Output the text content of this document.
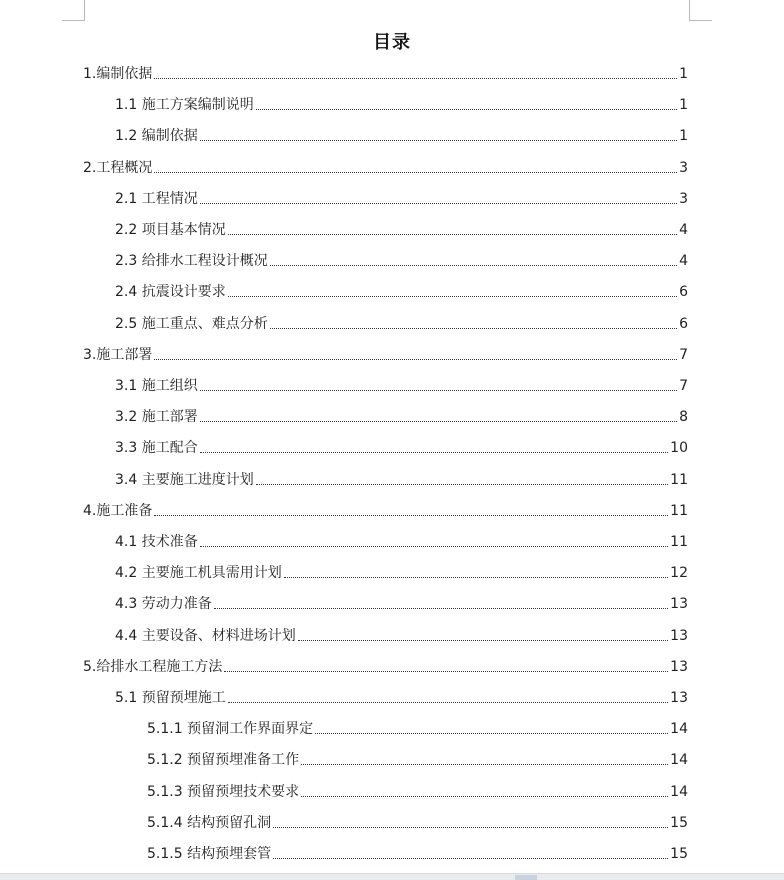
目录
1.编制依据	1
1.1 施工方案编制说明	1
1.2 编制依据	1
2.工程概况	3
2.1 工程情况	3
2.2 项目基本情况	4
2.3 给排水工程设计概况	4
2.4 抗震设计要求	6
2.5 施工重点、难点分析	6
3.施工部署	7
3.1 施工组织	7
3.2 施工部署	8
3.3 施工配合	10
3.4 主要施工进度计划	11
4.施工准备	11
4.1 技术准备	11
4.2 主要施工机具需用计划	12
4.3 劳动力准备	13
4.4 主要设备、材料进场计划	13
5.给排水工程施工方法	13
5.1 预留预埋施工	13
5.1.1 预留洞工作界面界定	14
5.1.2 预留预埋准备工作	14
5.1.3 预留预埋技术要求	14
5.1.4 结构预留孔洞	15
5.1.5 结构预埋套管	15
